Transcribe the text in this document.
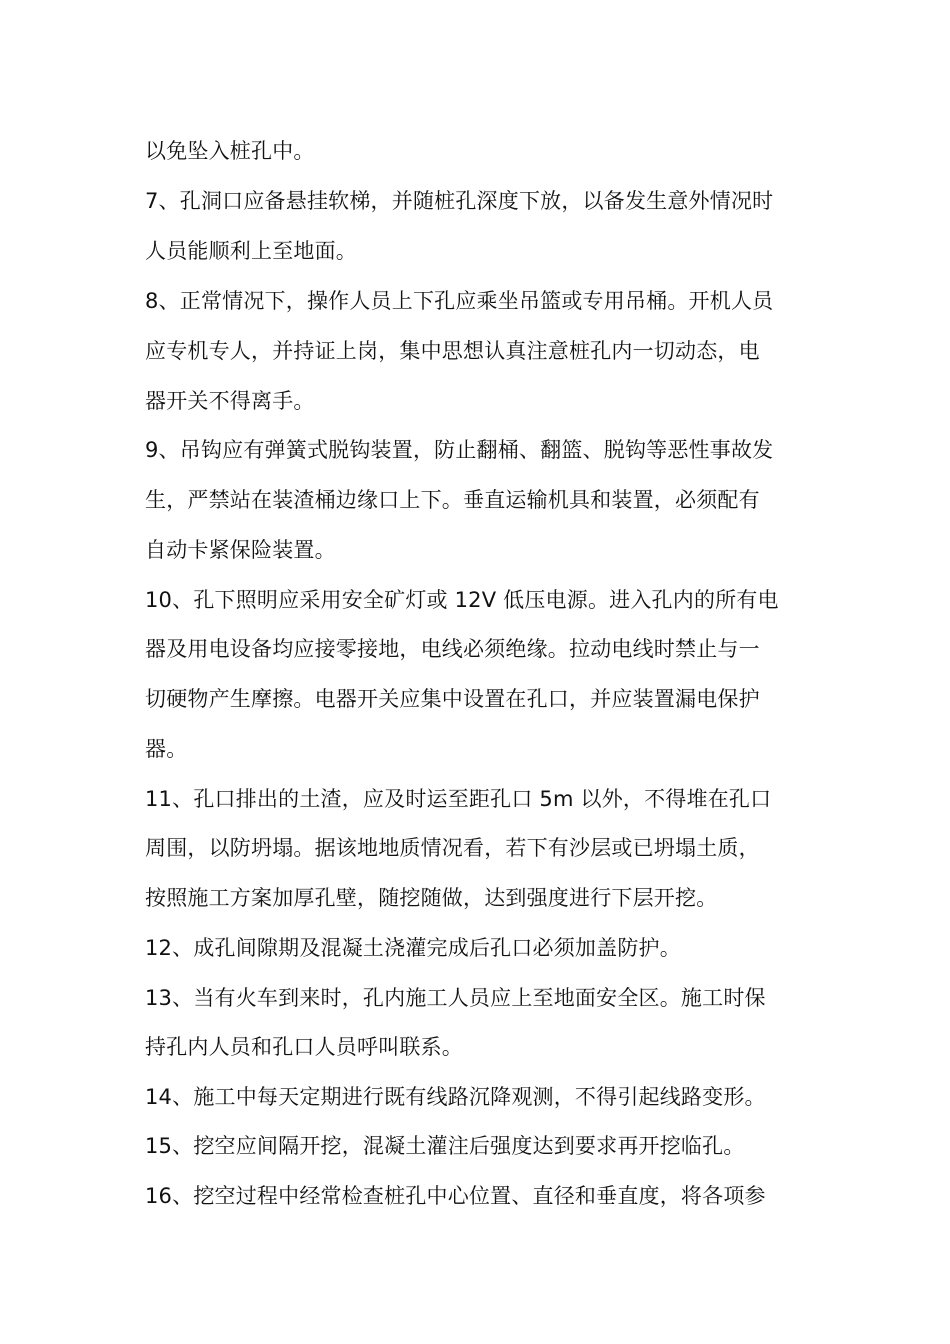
以免坠入桩孔中。
7、孔洞口应备悬挂软梯，并随桩孔深度下放，以备发生意外情况时
人员能顺利上至地面。
8、正常情况下，操作人员上下孔应乘坐吊篮或专用吊桶。开机人员
应专机专人，并持证上岗，集中思想认真注意桩孔内一切动态，电
器开关不得离手。
9、吊钩应有弹簧式脱钩装置，防止翻桶、翻篮、脱钩等恶性事故发
生，严禁站在装渣桶边缘口上下。垂直运输机具和装置，必须配有
自动卡紧保险装置。
10、孔下照明应采用安全矿灯或 12V 低压电源。进入孔内的所有电
器及用电设备均应接零接地，电线必须绝缘。拉动电线时禁止与一
切硬物产生摩擦。电器开关应集中设置在孔口，并应装置漏电保护
器。
11、孔口排出的土渣，应及时运至距孔口 5m 以外，不得堆在孔口
周围，以防坍塌。据该地地质情况看，若下有沙层或已坍塌土质，
按照施工方案加厚孔壁，随挖随做，达到强度进行下层开挖。
12、成孔间隙期及混凝土浇灌完成后孔口必须加盖防护。
13、当有火车到来时，孔内施工人员应上至地面安全区。施工时保
持孔内人员和孔口人员呼叫联系。
14、施工中每天定期进行既有线路沉降观测，不得引起线路变形。
15、挖空应间隔开挖，混凝土灌注后强度达到要求再开挖临孔。
16、挖空过程中经常检查桩孔中心位置、直径和垂直度，将各项参
